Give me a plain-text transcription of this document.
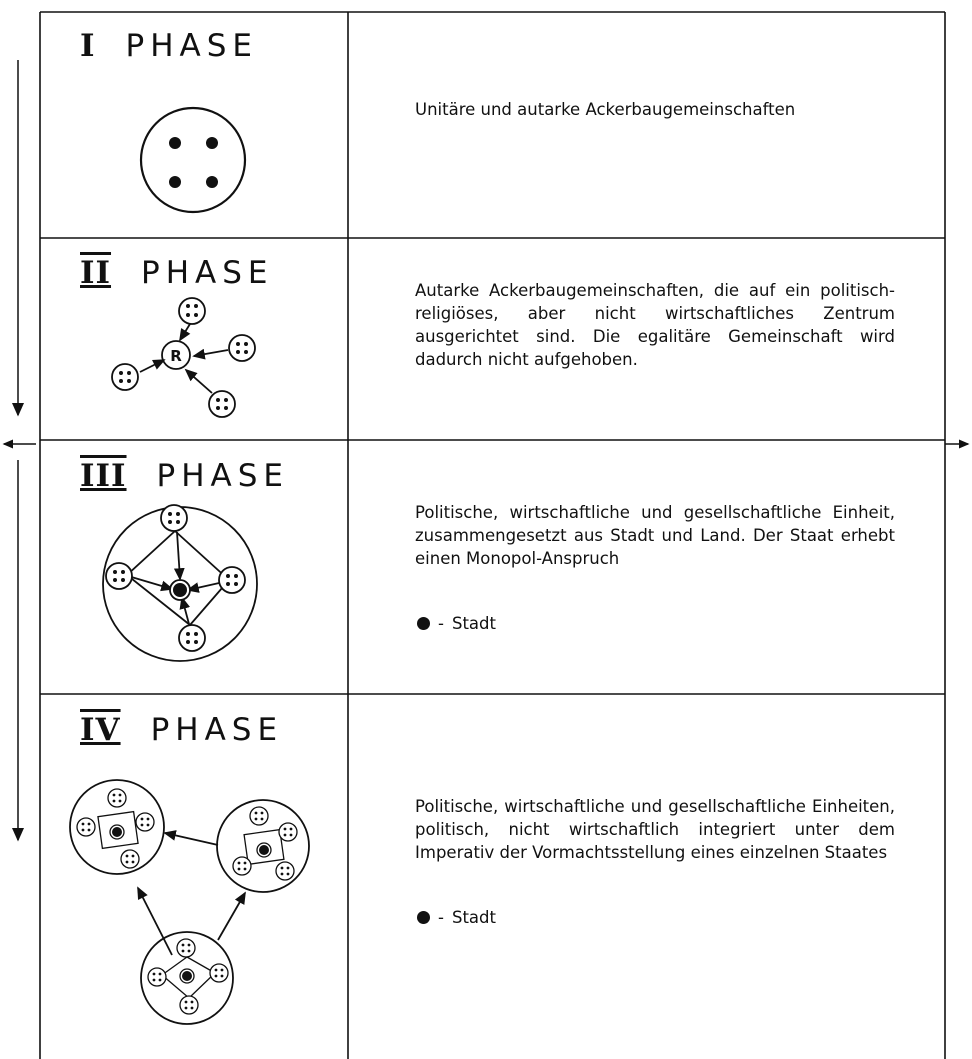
R
I PHASE
II PHASE
III PHASE
IV PHASE
Unitäre und autarke Ackerbaugemeinschaften
Autarke Ackerbaugemeinschaften, die auf ein politisch-religiöses, aber nicht wirtschaftliches Zentrum ausgerichtet sind. Die egalitäre Gemeinschaft wird dadurch nicht aufgehoben.
Politische, wirtschaftliche und gesellschaftliche Einheit, zusammengesetzt aus Stadt und Land. Der Staat erhebt einen Monopol-Anspruch
- Stadt
Politische, wirtschaftliche und gesellschaftliche Einheiten, politisch, nicht wirtschaftlich integriert unter dem Imperativ der Vormachtsstellung eines einzelnen Staates
- Stadt
